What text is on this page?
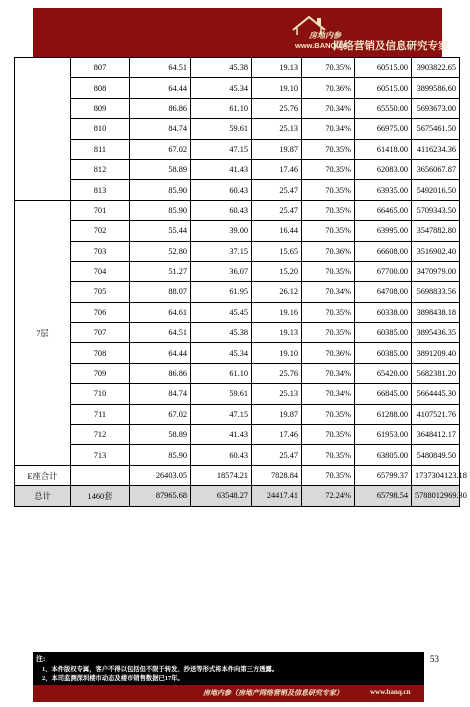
房地内参
www.BANQ.cn
网络营销及信息研究专家
	807	64.51	45.38	19.13	70.35%	60515.00	3903822.65
	808	64.44	45.34	19.10	70.36%	60515.00	3899586.60
	809	86.86	61.10	25.76	70.34%	65550.00	5693673.00
	810	84.74	59.61	25.13	70.34%	66975.00	5675461.50
	811	67.02	47.15	19.87	70.35%	61418.00	4116234.36
	812	58.89	41.43	17.46	70.35%	62083.00	3656067.87
	813	85.90	60.43	25.47	70.35%	63935.00	5492016.50
7层	701	85.90	60.43	25.47	70.35%	66465.00	5709343.50
	702	55.44	39.00	16.44	70.35%	63995.00	3547882.80
	703	52.80	37.15	15.65	70.36%	66608.00	3516902.40
	704	51.27	36.07	15.20	70.35%	67700.00	3470979.00
	705	88.07	61.95	26.12	70.34%	64708.00	5698833.56
	706	64.61	45.45	19.16	70.35%	60338.00	3898438.18
	707	64.51	45.38	19.13	70.35%	60385.00	3895436.35
	708	64.44	45.34	19.10	70.36%	60385.00	3891209.40
	709	86.86	61.10	25.76	70.34%	65420.00	5682381.20
	710	84.74	59.61	25.13	70.34%	66845.00	5664445.30
	711	67.02	47.15	19.87	70.35%	61288.00	4107521.76
	712	58.89	41.43	17.46	70.35%	61953.00	3648412.17
	713	85.90	60.43	25.47	70.35%	63805.00	5480849.50
E座合计		26403.05	18574.21	7828.84	70.35%	65799.37	1737304123.18
总计	1460套	87965.68	63548.27	24417.41	72.24%	65798.54	5788012969.30
53
注:
1、本件版权专属，客户不得以包括但不限于转发、抄送等形式将本件向第三方透露。
2、本司监测深圳楼市动态及楼市销售数据已17年。
房地内参（房地产网络营销及信息研究专家）	www.banq.cn
